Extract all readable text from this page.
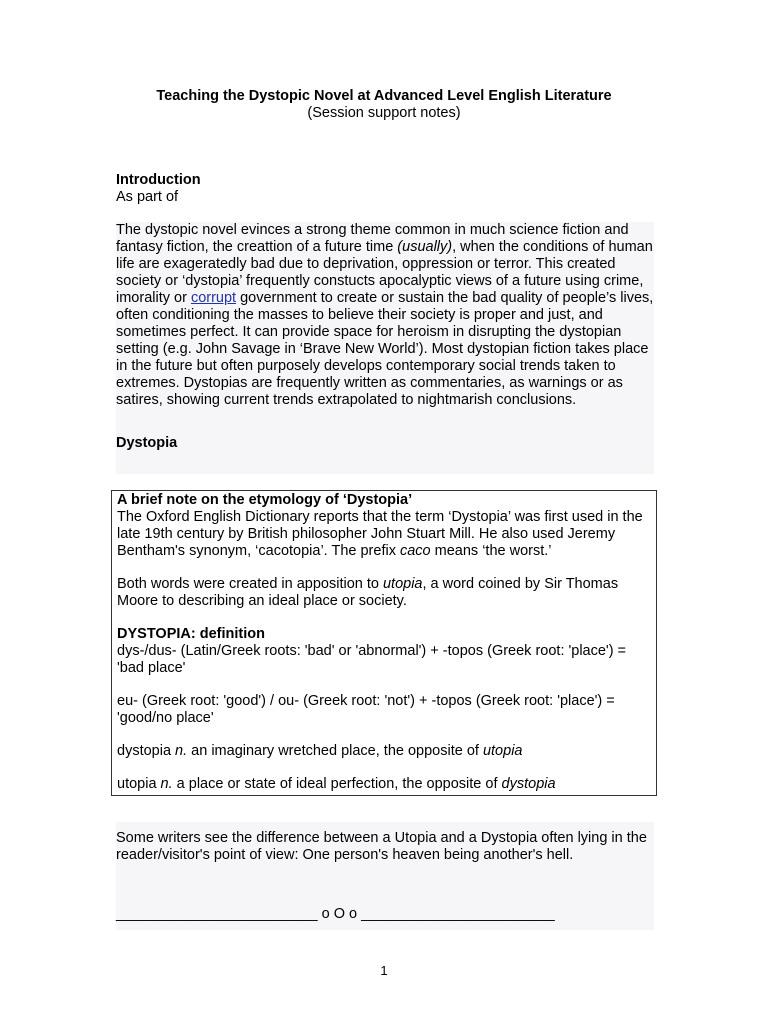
Teaching the Dystopic Novel at Advanced Level English Literature
(Session support notes)

Introduction

As part of

The dystopic novel evinces a strong theme common in much science fiction and fantasy fiction, the creattion of a future time (usually), when the conditions of human life are exageratedly bad due to deprivation, oppression or terror. This created society or ‘dystopia’ frequently constucts apocalyptic views of a future using crime, imorality or corrupt government to create or sustain the bad quality of people’s lives, often conditioning the masses to believe their society is proper and just, and sometimes perfect. It can provide space for heroism in disrupting the dystopian setting (e.g. John Savage in ‘Brave New World’). Most dystopian fiction takes place in the future but often purposely develops contemporary social trends taken to extremes. Dystopias are frequently written as commentaries, as warnings or as satires, showing current trends extrapolated to nightmarish conclusions.

Dystopia

A brief note on the etymology of ‘Dystopia’

The Oxford English Dictionary reports that the term ‘Dystopia’ was first used in the late 19th century by British philosopher John Stuart Mill. He also used Jeremy Bentham's synonym, ‘cacotopia’. The prefix caco means ‘the worst.’

Both words were created in apposition to utopia, a word coined by Sir Thomas Moore to describing an ideal place or society.

DYSTOPIA: definition

dys-/dus- (Latin/Greek roots: 'bad' or 'abnormal') + -topos (Greek root: 'place') = 'bad place'

eu- (Greek root: 'good') / ou- (Greek root: 'not') + -topos (Greek root: 'place') = 'good/no place'

dystopia n. an imaginary wretched place, the opposite of utopia

utopia n. a place or state of ideal perfection, the opposite of dystopia

Some writers see the difference between a Utopia and a Dystopia often lying in the reader/visitor's point of view: One person's heaven being another's hell.

_________________________ o O o ________________________

1
